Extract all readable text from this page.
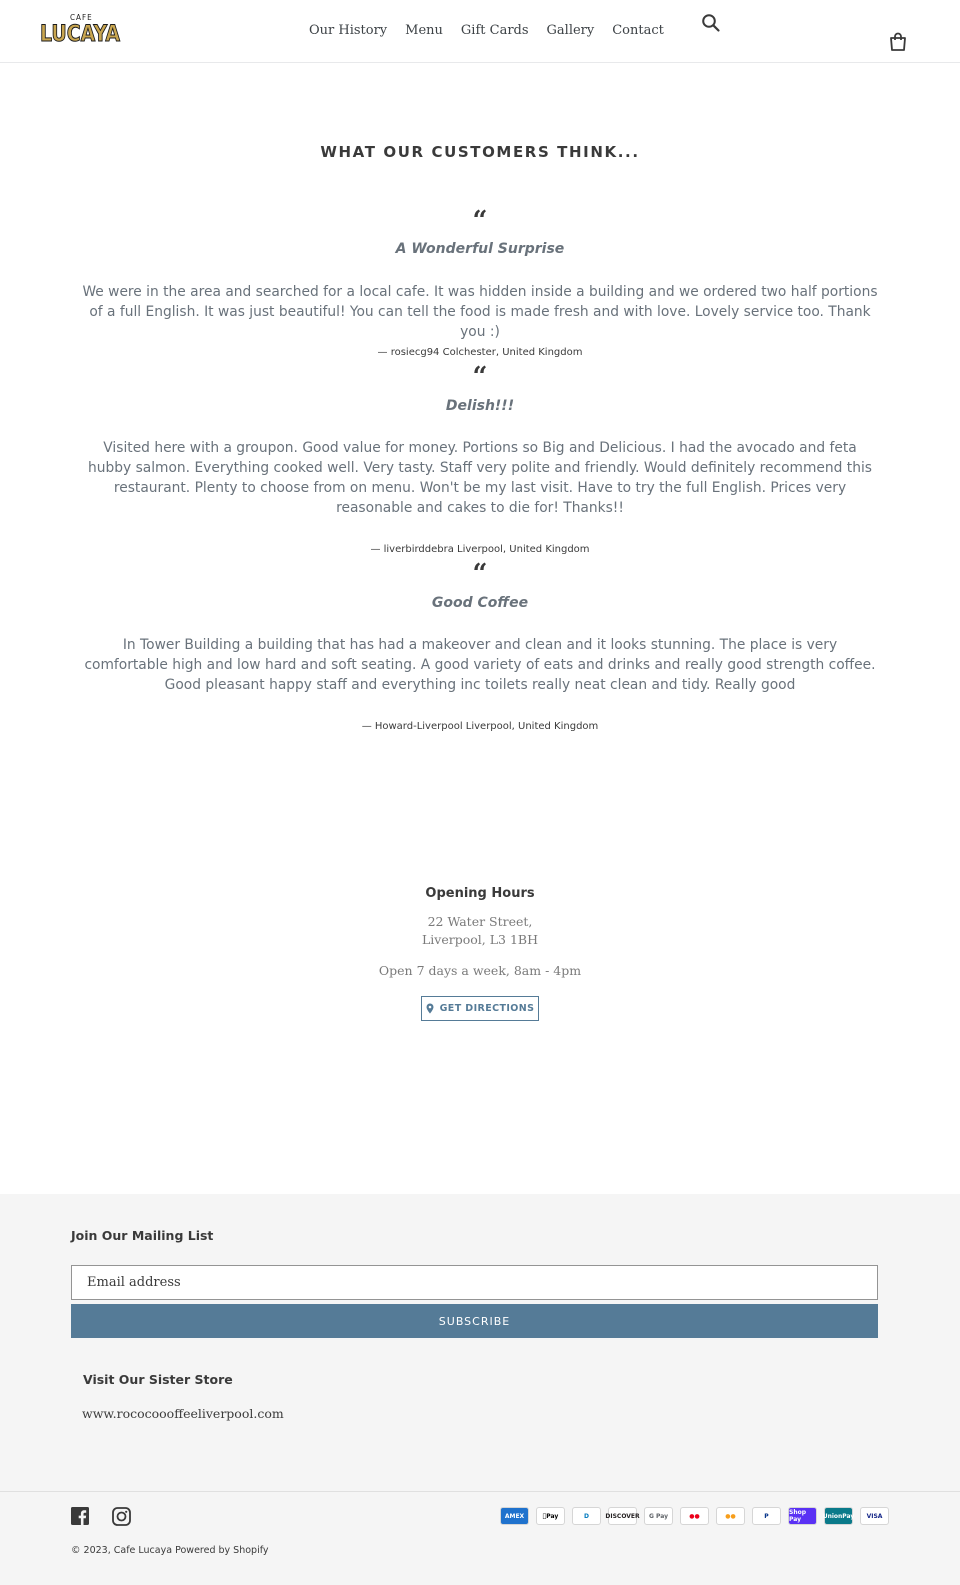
CAFE
LUCAYA	Our History	Menu	Gift Cards	Gallery	Contact
WHAT OUR CUSTOMERS THINK...
“
A Wonderful Surprise

We were in the area and searched for a local cafe. It was hidden inside a building and we ordered two half portions of a full English. It was just beautiful! You can tell the food is made fresh and with love. Lovely service too. Thank you :)

— rosiecg94 Colchester, United Kingdom
“
Delish!!!

Visited here with a groupon. Good value for money. Portions so Big and Delicious. I had the avocado and feta hubby salmon. Everything cooked well. Very tasty. Staff very polite and friendly. Would definitely recommend this restaurant. Plenty to choose from on menu. Won't be my last visit. Have to try the full English. Prices very reasonable and cakes to die for! Thanks!!

— liverbirddebra Liverpool, United Kingdom
“
Good Coffee

In Tower Building a building that has had a makeover and clean and it looks stunning. The place is very comfortable high and low hard and soft seating. A good variety of eats and drinks and really good strength coffee. Good pleasant happy staff and everything inc toilets really neat clean and tidy. Really good

— Howard-Liverpool Liverpool, United Kingdom
Opening Hours
22 Water Street,
Liverpool, L3 1BH
Open 7 days a week, 8am - 4pm
GET DIRECTIONS
Join Our Mailing List
Email address
SUBSCRIBE
Visit Our Sister Store
www.rococoooffeeliverpool.com
© 2023, Cafe Lucaya Powered by Shopify
AMEX	Pay	D	DISCOVER G Pay	●●	●●	P	Shop Pay	UnionPay VISA
